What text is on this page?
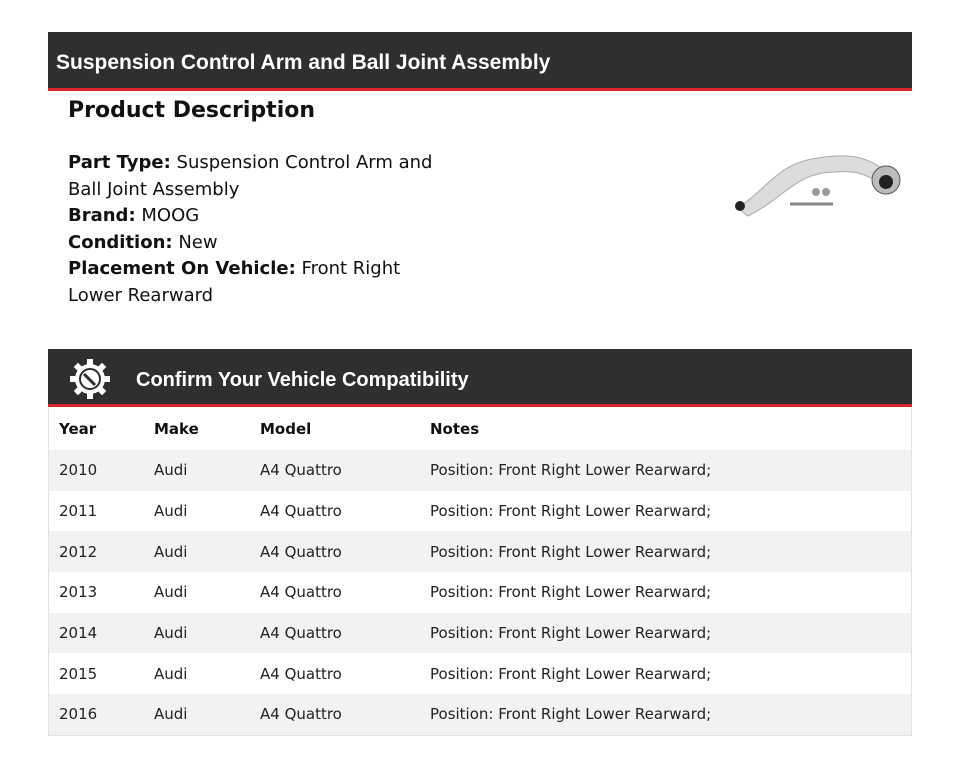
Suspension Control Arm and Ball Joint Assembly
Product Description
Part Type: Suspension Control Arm and Ball Joint Assembly
Brand: MOOG
Condition: New
Placement On Vehicle: Front Right Lower Rearward
Confirm Your Vehicle Compatibility
Year	Make	Model	Notes
2010	Audi	A4 Quattro	Position: Front Right Lower Rearward;
2011	Audi	A4 Quattro	Position: Front Right Lower Rearward;
2012	Audi	A4 Quattro	Position: Front Right Lower Rearward;
2013	Audi	A4 Quattro	Position: Front Right Lower Rearward;
2014	Audi	A4 Quattro	Position: Front Right Lower Rearward;
2015	Audi	A4 Quattro	Position: Front Right Lower Rearward;
2016	Audi	A4 Quattro	Position: Front Right Lower Rearward;
